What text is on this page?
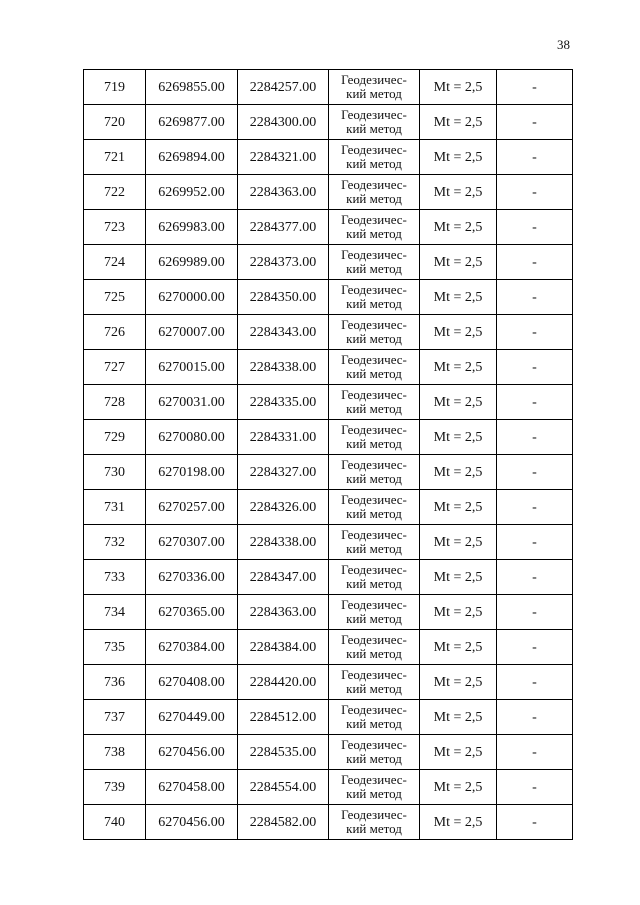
38
719	6269855.00	2284257.00	Геодезичес-
кий метод	Mt = 2,5	-
720	6269877.00	2284300.00	Геодезичес-
кий метод	Mt = 2,5	-
721	6269894.00	2284321.00	Геодезичес-
кий метод	Mt = 2,5	-
722	6269952.00	2284363.00	Геодезичес-
кий метод	Mt = 2,5	-
723	6269983.00	2284377.00	Геодезичес-
кий метод	Mt = 2,5	-
724	6269989.00	2284373.00	Геодезичес-
кий метод	Mt = 2,5	-
725	6270000.00	2284350.00	Геодезичес-
кий метод	Mt = 2,5	-
726	6270007.00	2284343.00	Геодезичес-
кий метод	Mt = 2,5	-
727	6270015.00	2284338.00	Геодезичес-
кий метод	Mt = 2,5	-
728	6270031.00	2284335.00	Геодезичес-
кий метод	Mt = 2,5	-
729	6270080.00	2284331.00	Геодезичес-
кий метод	Mt = 2,5	-
730	6270198.00	2284327.00	Геодезичес-
кий метод	Mt = 2,5	-
731	6270257.00	2284326.00	Геодезичес-
кий метод	Mt = 2,5	-
732	6270307.00	2284338.00	Геодезичес-
кий метод	Mt = 2,5	-
733	6270336.00	2284347.00	Геодезичес-
кий метод	Mt = 2,5	-
734	6270365.00	2284363.00	Геодезичес-
кий метод	Mt = 2,5	-
735	6270384.00	2284384.00	Геодезичес-
кий метод	Mt = 2,5	-
736	6270408.00	2284420.00	Геодезичес-
кий метод	Mt = 2,5	-
737	6270449.00	2284512.00	Геодезичес-
кий метод	Mt = 2,5	-
738	6270456.00	2284535.00	Геодезичес-
кий метод	Mt = 2,5	-
739	6270458.00	2284554.00	Геодезичес-
кий метод	Mt = 2,5	-
740	6270456.00	2284582.00	Геодезичес-
кий метод	Mt = 2,5	-
